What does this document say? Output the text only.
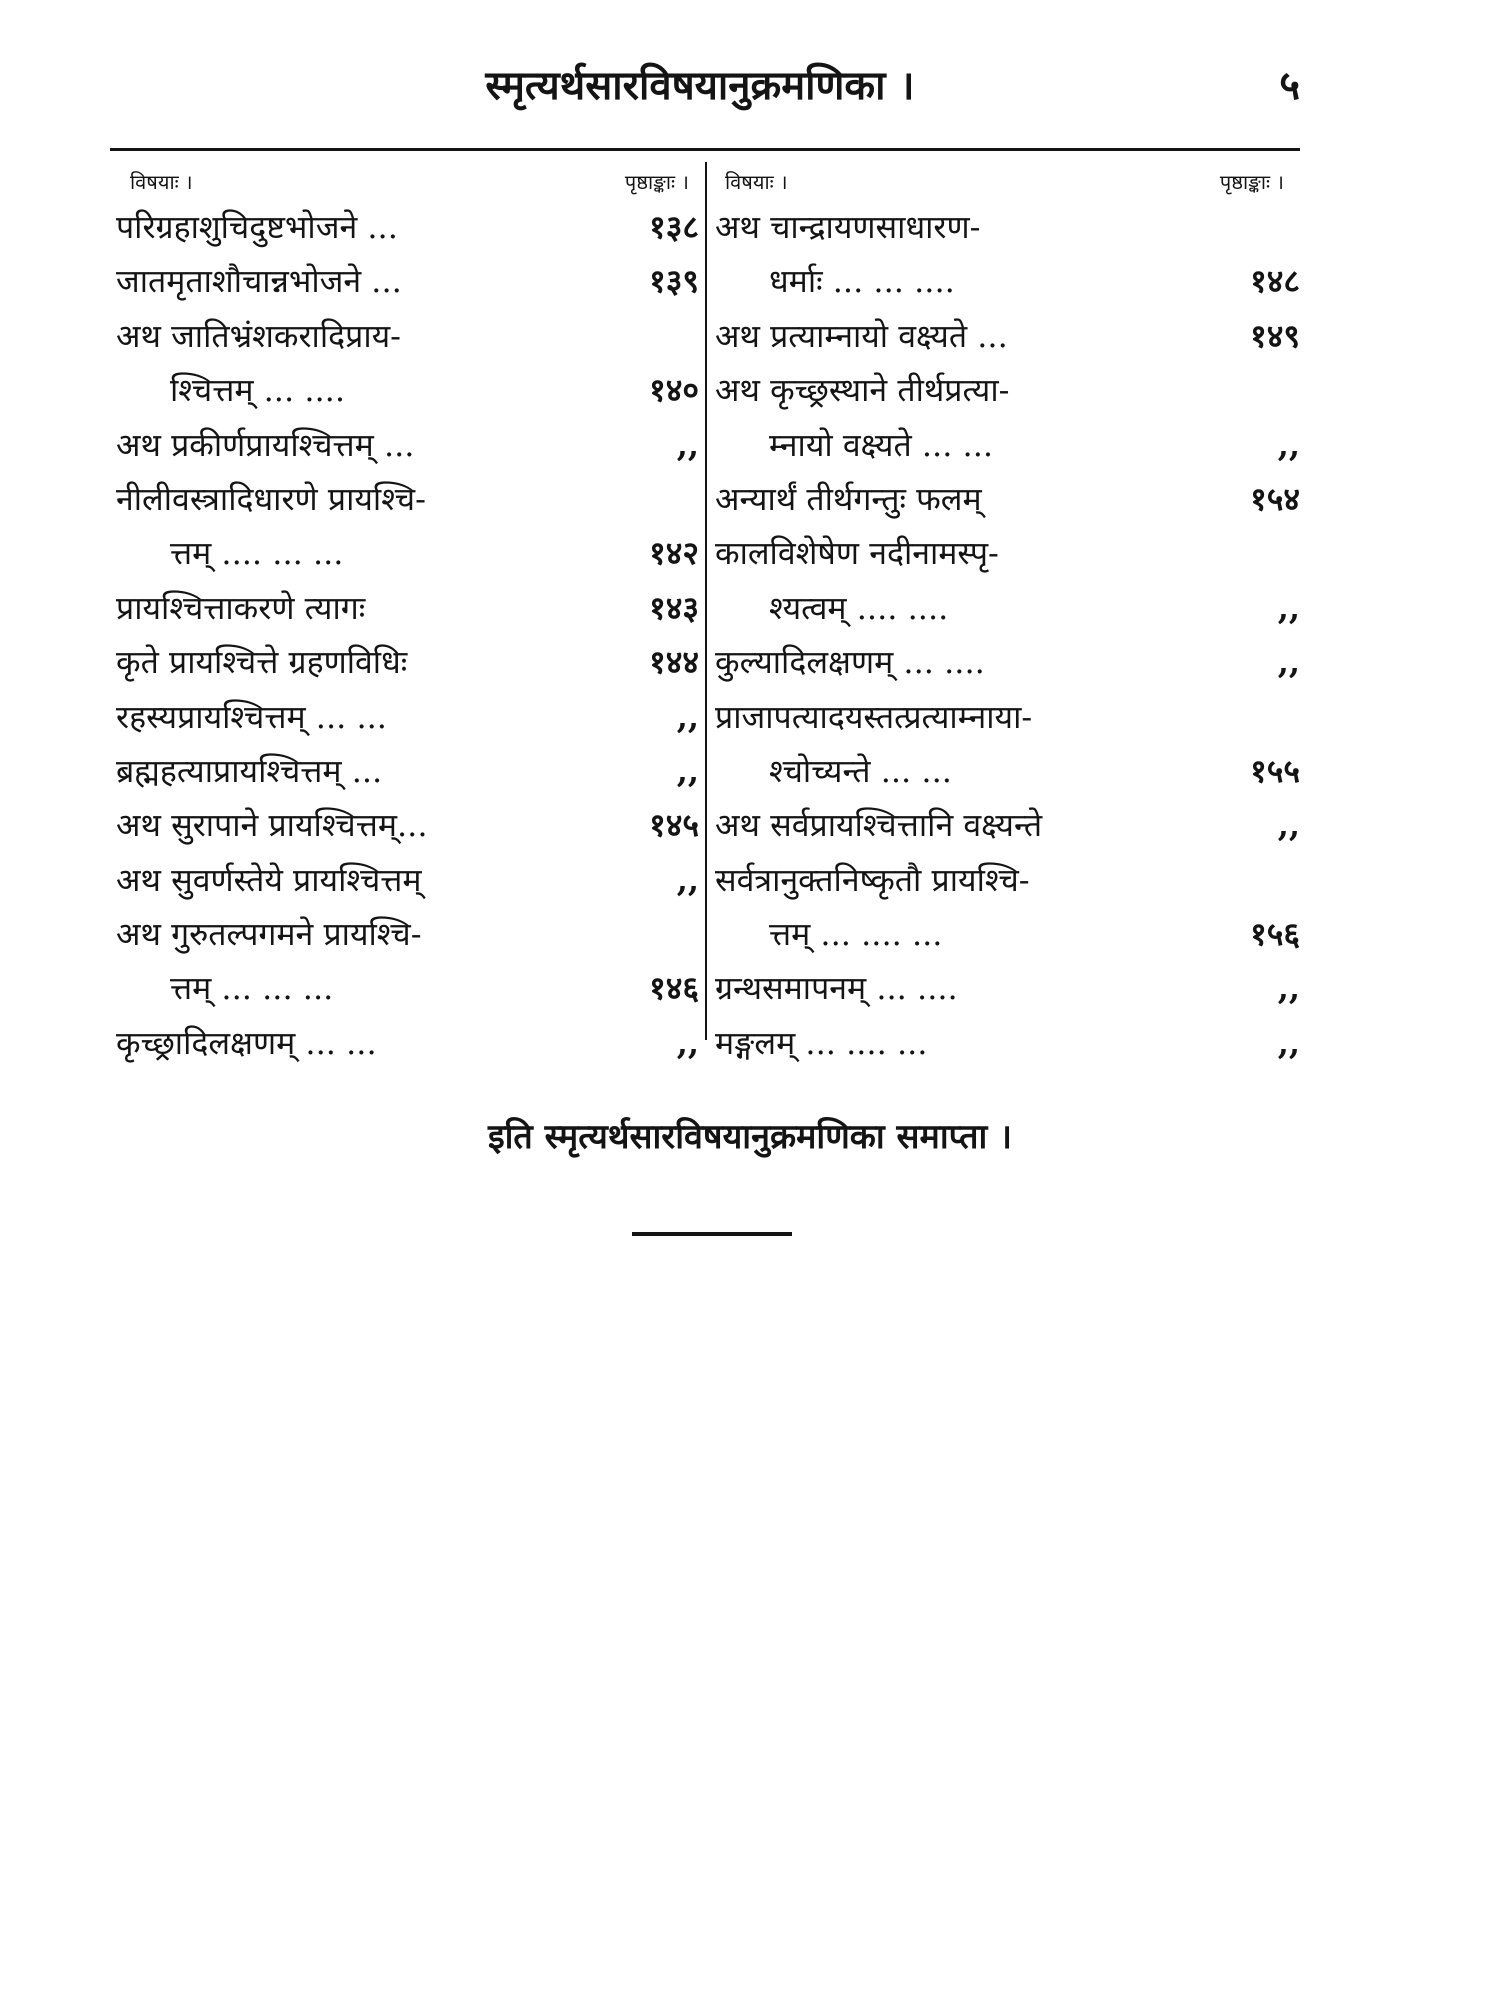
स्मृत्यर्थसारविषयानुक्रमणिका ।	५
विषयाः ।	पृष्ठाङ्काः ।
परिग्रहाशुचिदुष्टभोजने ...	१३८
जातमृताशौचान्नभोजने ...	१३९
अथ जातिभ्रंशकरादिप्राय-
श्चित्तम् ... ....	१४०
अथ प्रकीर्णप्रायश्चित्तम् ...	,,
नीलीवस्त्रादिधारणे प्रायश्चि-
त्तम् .... ... ...	१४२
प्रायश्चित्ताकरणे त्यागः	१४३
कृते प्रायश्चित्ते ग्रहणविधिः	१४४
रहस्यप्रायश्चित्तम् ... ...	,,
ब्रह्महत्याप्रायश्चित्तम् ...	,,
अथ सुरापाने प्रायश्चित्तम्...	१४५
अथ सुवर्णस्तेये प्रायश्चित्तम्	,,
अथ गुरुतल्पगमने प्रायश्चि-
त्तम् ... ... ...	१४६
कृच्छ्रादिलक्षणम् ... ...	,,
विषयाः ।	पृष्ठाङ्काः ।
अथ चान्द्रायणसाधारण-
धर्माः ... ... ....	१४८
अथ प्रत्याम्नायो वक्ष्यते ...	१४९
अथ कृच्छ्रस्थाने तीर्थप्रत्या-
म्नायो वक्ष्यते ... ...	,,
अन्यार्थं तीर्थगन्तुः फलम्	१५४
कालविशेषेण नदीनामस्पृ-
श्यत्वम् .... ....	,,
कुल्यादिलक्षणम् ... ....	,,
प्राजापत्यादयस्तत्प्रत्याम्नाया-
श्चोच्यन्ते ... ...	१५५
अथ सर्वप्रायश्चित्तानि वक्ष्यन्ते	,,
सर्वत्रानुक्तनिष्कृतौ प्रायश्चि-
त्तम् ... .... ...	१५६
ग्रन्थसमापनम् ... ....	,,
मङ्गलम् ... .... ...	,,
इति स्मृत्यर्थसारविषयानुक्रमणिका समाप्ता ।
